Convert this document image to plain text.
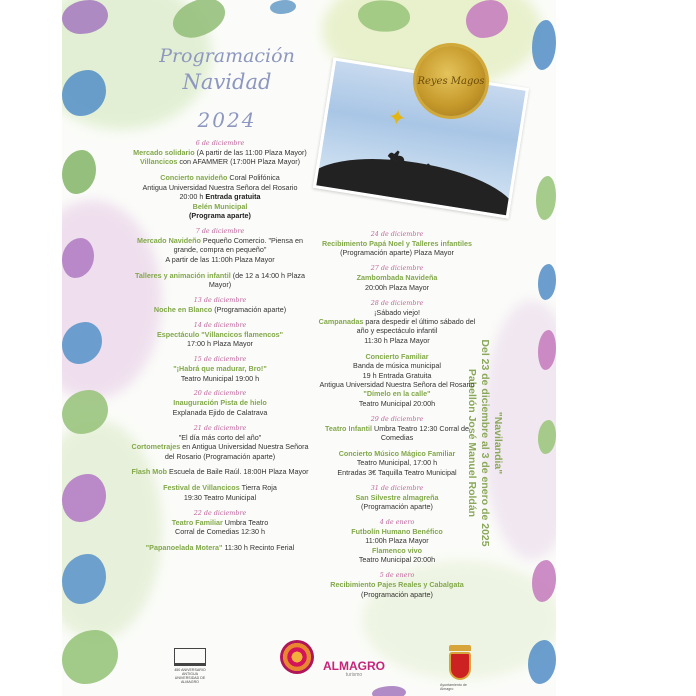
Programación
Navidad
2024	✦
Reyes Magos
"Navilandia"
Del 23 de diciembre al 3 de enero de 2025
Pabellón José Manuel Roldán
6 de diciembre
Mercado solidario (A partir de las 11:00 Plaza Mayor)
Villancicos con AFAMMER (17:00H Plaza Mayor)
Concierto navideño Coral Polifónica
Antigua Universidad Nuestra Señora del Rosario
20:00 h Entrada gratuita
Belén Municipal
(Programa aparte)
7 de diciembre
Mercado Navideño Pequeño Comercio. "Piensa en grande, compra en pequeño"
A partir de las 11:00h Plaza Mayor
Talleres y animación infantil (de 12 a 14:00 h Plaza Mayor)
13 de diciembre
Noche en Blanco (Programación aparte)
14 de diciembre
Espectáculo "Villancicos flamencos"
17:00 h Plaza Mayor
15 de diciembre
"¡Habrá que madurar, Bro!"
Teatro Municipal 19:00 h
20 de diciembre
Inauguración Pista de hielo
Explanada Ejido de Calatrava
21 de diciembre
"El día más corto del año"
Cortometrajes en Antigua Universidad Nuestra Señora del Rosario (Programación aparte)
Flash Mob Escuela de Baile Raúl. 18:00H Plaza Mayor
Festival de Villancicos Tierra Roja
19:30 Teatro Municipal
22 de diciembre
Teatro Familiar Umbra Teatro
Corral de Comedias 12:30 h
"Papanoelada Motera" 11:30 h Recinto Ferial
24 de diciembre
Recibimiento Papá Noel y Talleres infantiles
(Programación aparte) Plaza Mayor
27 de diciembre
Zambombada Navideña
20:00h Plaza Mayor
28 de diciembre
¡Sábado viejo!
Campanadas para despedir el último sábado del año y espectáculo infantil
11:30 h Plaza Mayor
Concierto Familiar
Banda de música municipal
19 h Entrada Gratuita
Antigua Universidad Nuestra Señora del Rosario
"Dímelo en la calle"
Teatro Municipal 20:00h
29 de diciembre
Teatro Infantil Umbra Teatro 12:30 Corral de Comedias
Concierto Músico Mágico Familiar
Teatro Municipal, 17:00 h
Entradas 3€ Taquilla Teatro Municipal
31 de diciembre
San Silvestre almagreña
(Programación aparte)
4 de enero
Futbolín Humano Benéfico
11:00h Plaza Mayor
Flamenco vivo
Teatro Municipal 20:00h
5 de enero
Recibimiento Pajes Reales y Cabalgata
(Programación aparte)
450 ANIVERSARIO ANTIGUA UNIVERSIDAD DE ALMAGRO
ALMAGRO
turismo
Ayuntamiento de Almagro
